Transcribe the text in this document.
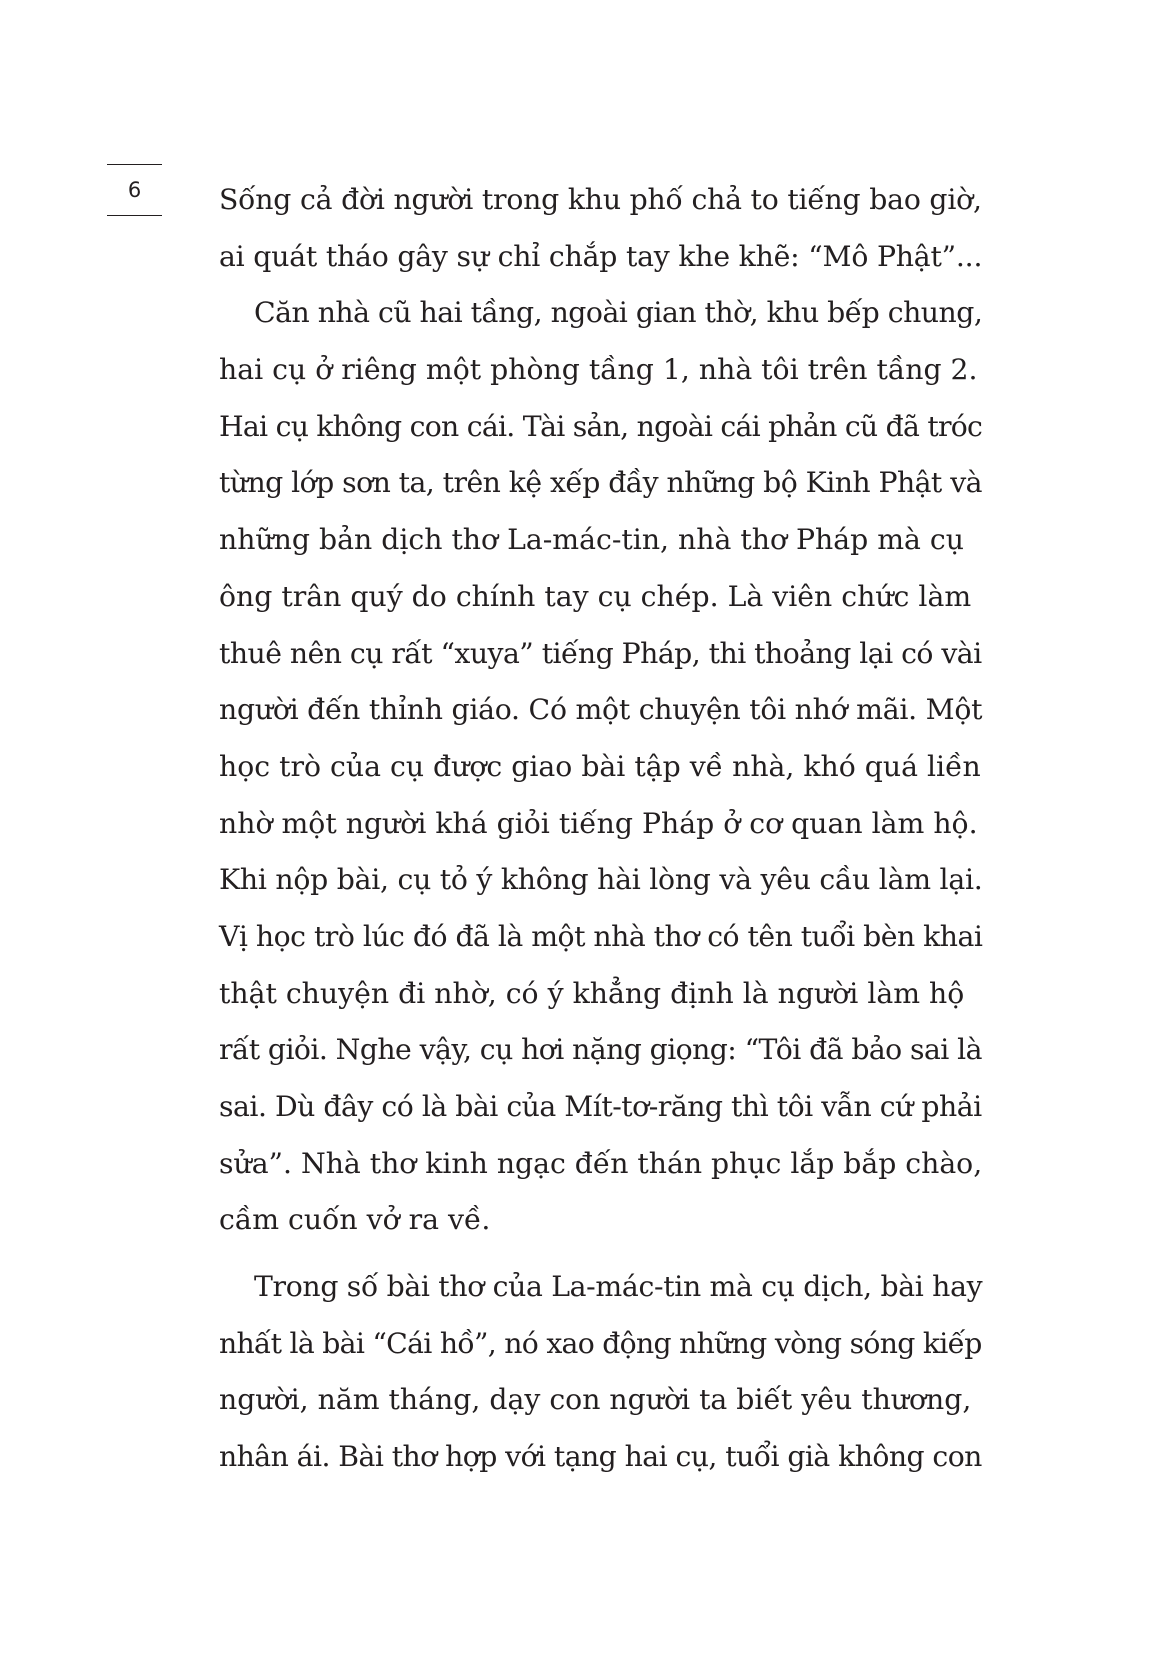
6	Sống cả đời người trong khu phố chả to tiếng bao giờ,
ai quát tháo gây sự chỉ chắp tay khe khẽ: “Mô Phật”...
Căn nhà cũ hai tầng, ngoài gian thờ, khu bếp chung,
hai cụ ở riêng một phòng tầng 1, nhà tôi trên tầng 2.
Hai cụ không con cái. Tài sản, ngoài cái phản cũ đã tróc
từng lớp sơn ta, trên kệ xếp đầy những bộ Kinh Phật và
những bản dịch thơ La-mác-tin, nhà thơ Pháp mà cụ
ông trân quý do chính tay cụ chép. Là viên chức làm
thuê nên cụ rất “xuya” tiếng Pháp, thi thoảng lại có vài
người đến thỉnh giáo. Có một chuyện tôi nhớ mãi. Một
học trò của cụ được giao bài tập về nhà, khó quá liền
nhờ một người khá giỏi tiếng Pháp ở cơ quan làm hộ.
Khi nộp bài, cụ tỏ ý không hài lòng và yêu cầu làm lại.
Vị học trò lúc đó đã là một nhà thơ có tên tuổi bèn khai
thật chuyện đi nhờ, có ý khẳng định là người làm hộ
rất giỏi. Nghe vậy, cụ hơi nặng giọng: “Tôi đã bảo sai là
sai. Dù đây có là bài của Mít-tơ-răng thì tôi vẫn cứ phải
sửa”. Nhà thơ kinh ngạc đến thán phục lắp bắp chào,
cầm cuốn vở ra về.
Trong số bài thơ của La-mác-tin mà cụ dịch, bài hay
nhất là bài “Cái hồ”, nó xao động những vòng sóng kiếp
người, năm tháng, dạy con người ta biết yêu thương,
nhân ái. Bài thơ hợp với tạng hai cụ, tuổi già không con
